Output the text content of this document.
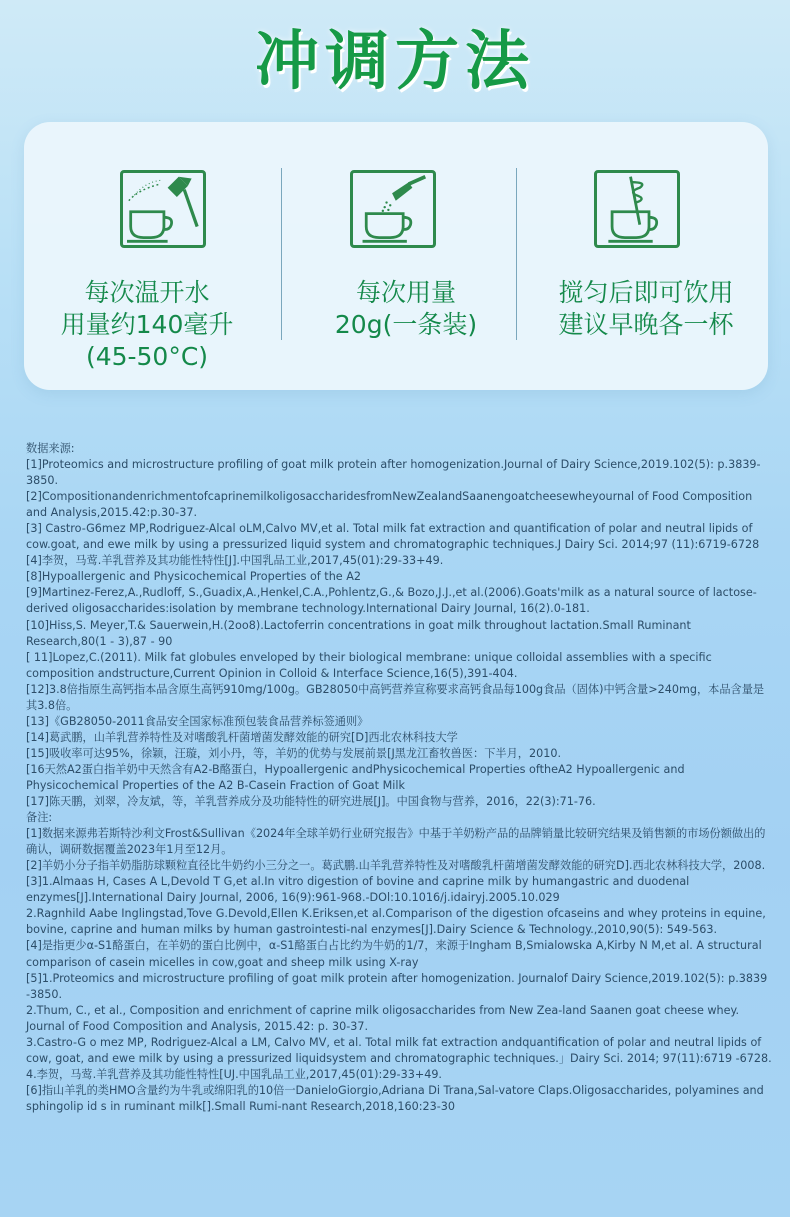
冲调方法
每次温开水
用量约140毫升
(45-50°C)
每次用量
20g(一条装)
搅匀后即可饮用
建议早晚各一杯
数据来源:
[1]Proteomics and microstructure profiling of goat milk protein after homogenization.Journal of Dairy Science,2019.102(5): p.3839-3850.
[2]CompositionandenrichmentofcaprinemilkoligosaccharidesfromNewZealandSaanengoatcheesewheyournal of Food Composition and Analysis,2015.42:p.30-37.
[3] Castro-G6mez MP,Rodriguez-Alcal oLM,Calvo MV,et al. Total milk fat extraction and quantification of polar and neutral lipids of cow.goat, and ewe milk by using a pressurized liquid system and chromatographic techniques.J Dairy Sci. 2014;97 (11):6719-6728
[4]李贺，马莺.羊乳营养及其功能性特性[J].中国乳品工业,2017,45(01):29-33+49.
[8]Hypoallergenic and Physicochemical Properties of the A2
[9]Martinez-Ferez,A.,Rudloff, S.,Guadix,A.,Henkel,C.A.,Pohlentz,G.,& Bozo,J.J.,et al.(2006).Goats'milk as a natural source of lactose-derived oligosaccharides:isolation by membrane technology.International Dairy Journal, 16(2).0-181.
[10]Hiss,S. Meyer,T.& Sauerwein,H.(2oo8).Lactoferrin concentrations in goat milk throughout lactation.Small Ruminant Research,80(1 - 3),87 - 90
[ 11]Lopez,C.(2011). Milk fat globules enveloped by their biological membrane: unique colloidal assemblies with a specific composition andstructure,Current Opinion in Colloid & Interface Science,16(5),391-404.
[12]3.8倍指原生高钙指本品含原生高钙910mg/100g。GB28050中高钙营养宣称要求高钙食品每100g食品（固体)中钙含量>240mg，本品含量是其3.8倍。
[13]《GB28050-2011食品安全国家标准预包装食品营养标签通则》
[14]葛武鹏，山羊乳营养特性及对嗜酸乳杆菌增菌发酵效能的研究[D]西北农林科技大学
[15]吸收率可达95%，徐颖，汪璇，刘小丹，等，羊奶的优势与发展前景[J黑龙江畜牧兽医：下半月，2010.
[16天然A2蛋白指羊奶中天然含有A2-B酪蛋白，Hypoallergenic andPhysicochemical Properties oftheA2 Hypoallergenic and Physicochemical Properties of the A2 B-Casein Fraction of Goat Milk
[17]陈天鹏，刘翠，冷友斌，等，羊乳营养成分及功能特性的研究进展[J]。中国食物与营养，2016，22(3):71-76.
备注:
[1]数据来源弗若斯特沙利文Frost&Sullivan《2024年全球羊奶行业研究报告》中基于羊奶粉产品的品牌销量比较研究结果及销售额的市场份额做出的确认，调研数据覆盖2023年1月至12月。
[2]羊奶小分子指羊奶脂肪球颗粒直径比牛奶约小三分之一。葛武鹏.山羊乳营养特性及对嗜酸乳杆菌增菌发酵效能的研究D].西北农林科技大学，2008.
[3]1.Almaas H, Cases A L,Devold T G,et al.In vitro digestion of bovine and caprine milk by humangastric and duodenal enzymes[J].International Dairy Journal, 2006, 16(9):961-968.-DOl:10.1016/j.idairyj.2005.10.029
2.Ragnhild Aabe Inglingstad,Tove G.Devold,Ellen K.Eriksen,et al.Comparison of the digestion ofcaseins and whey proteins in equine, bovine, caprine and human milks by human gastrointesti-nal enzymes[J].Dairy Science & Technology.,2010,90(5): 549-563.
[4]是指更少α-S1酪蛋白，在羊奶的蛋白比例中，α-S1酪蛋白占比约为牛奶的1/7，来源于Ingham B,Smialowska A,Kirby N M,et al. A structural comparison of casein micelles in cow,goat and sheep milk using X-ray
[5]1.Proteomics and microstructure profiling of goat milk protein after homogenization. Journalof Dairy Science,2019.102(5): p.3839 -3850.
2.Thum, C., et al., Composition and enrichment of caprine milk oligosaccharides from New Zea-land Saanen goat cheese whey. Journal of Food Composition and Analysis, 2015.42: p. 30-37.
3.Castro-G o mez MP, Rodriguez-Alcal a LM, Calvo MV, et al. Total milk fat extraction andquantification of polar and neutral lipids of cow, goat, and ewe milk by using a pressurized liquidsystem and chromatographic techniques.」Dairy Sci. 2014; 97(11):6719 -6728.
4.李贺，马莺.羊乳营养及其功能性特性[UJ.中国乳品工业,2017,45(01):29-33+49.
[6]指山羊乳的类HMO含量约为牛乳或绵阳乳的10倍一DanieloGiorgio,Adriana Di Trana,Sal-vatore Claps.Oligosaccharides, polyamines and sphingolip id s in ruminant milk[].Small Rumi-nant Research,2018,160:23-30
